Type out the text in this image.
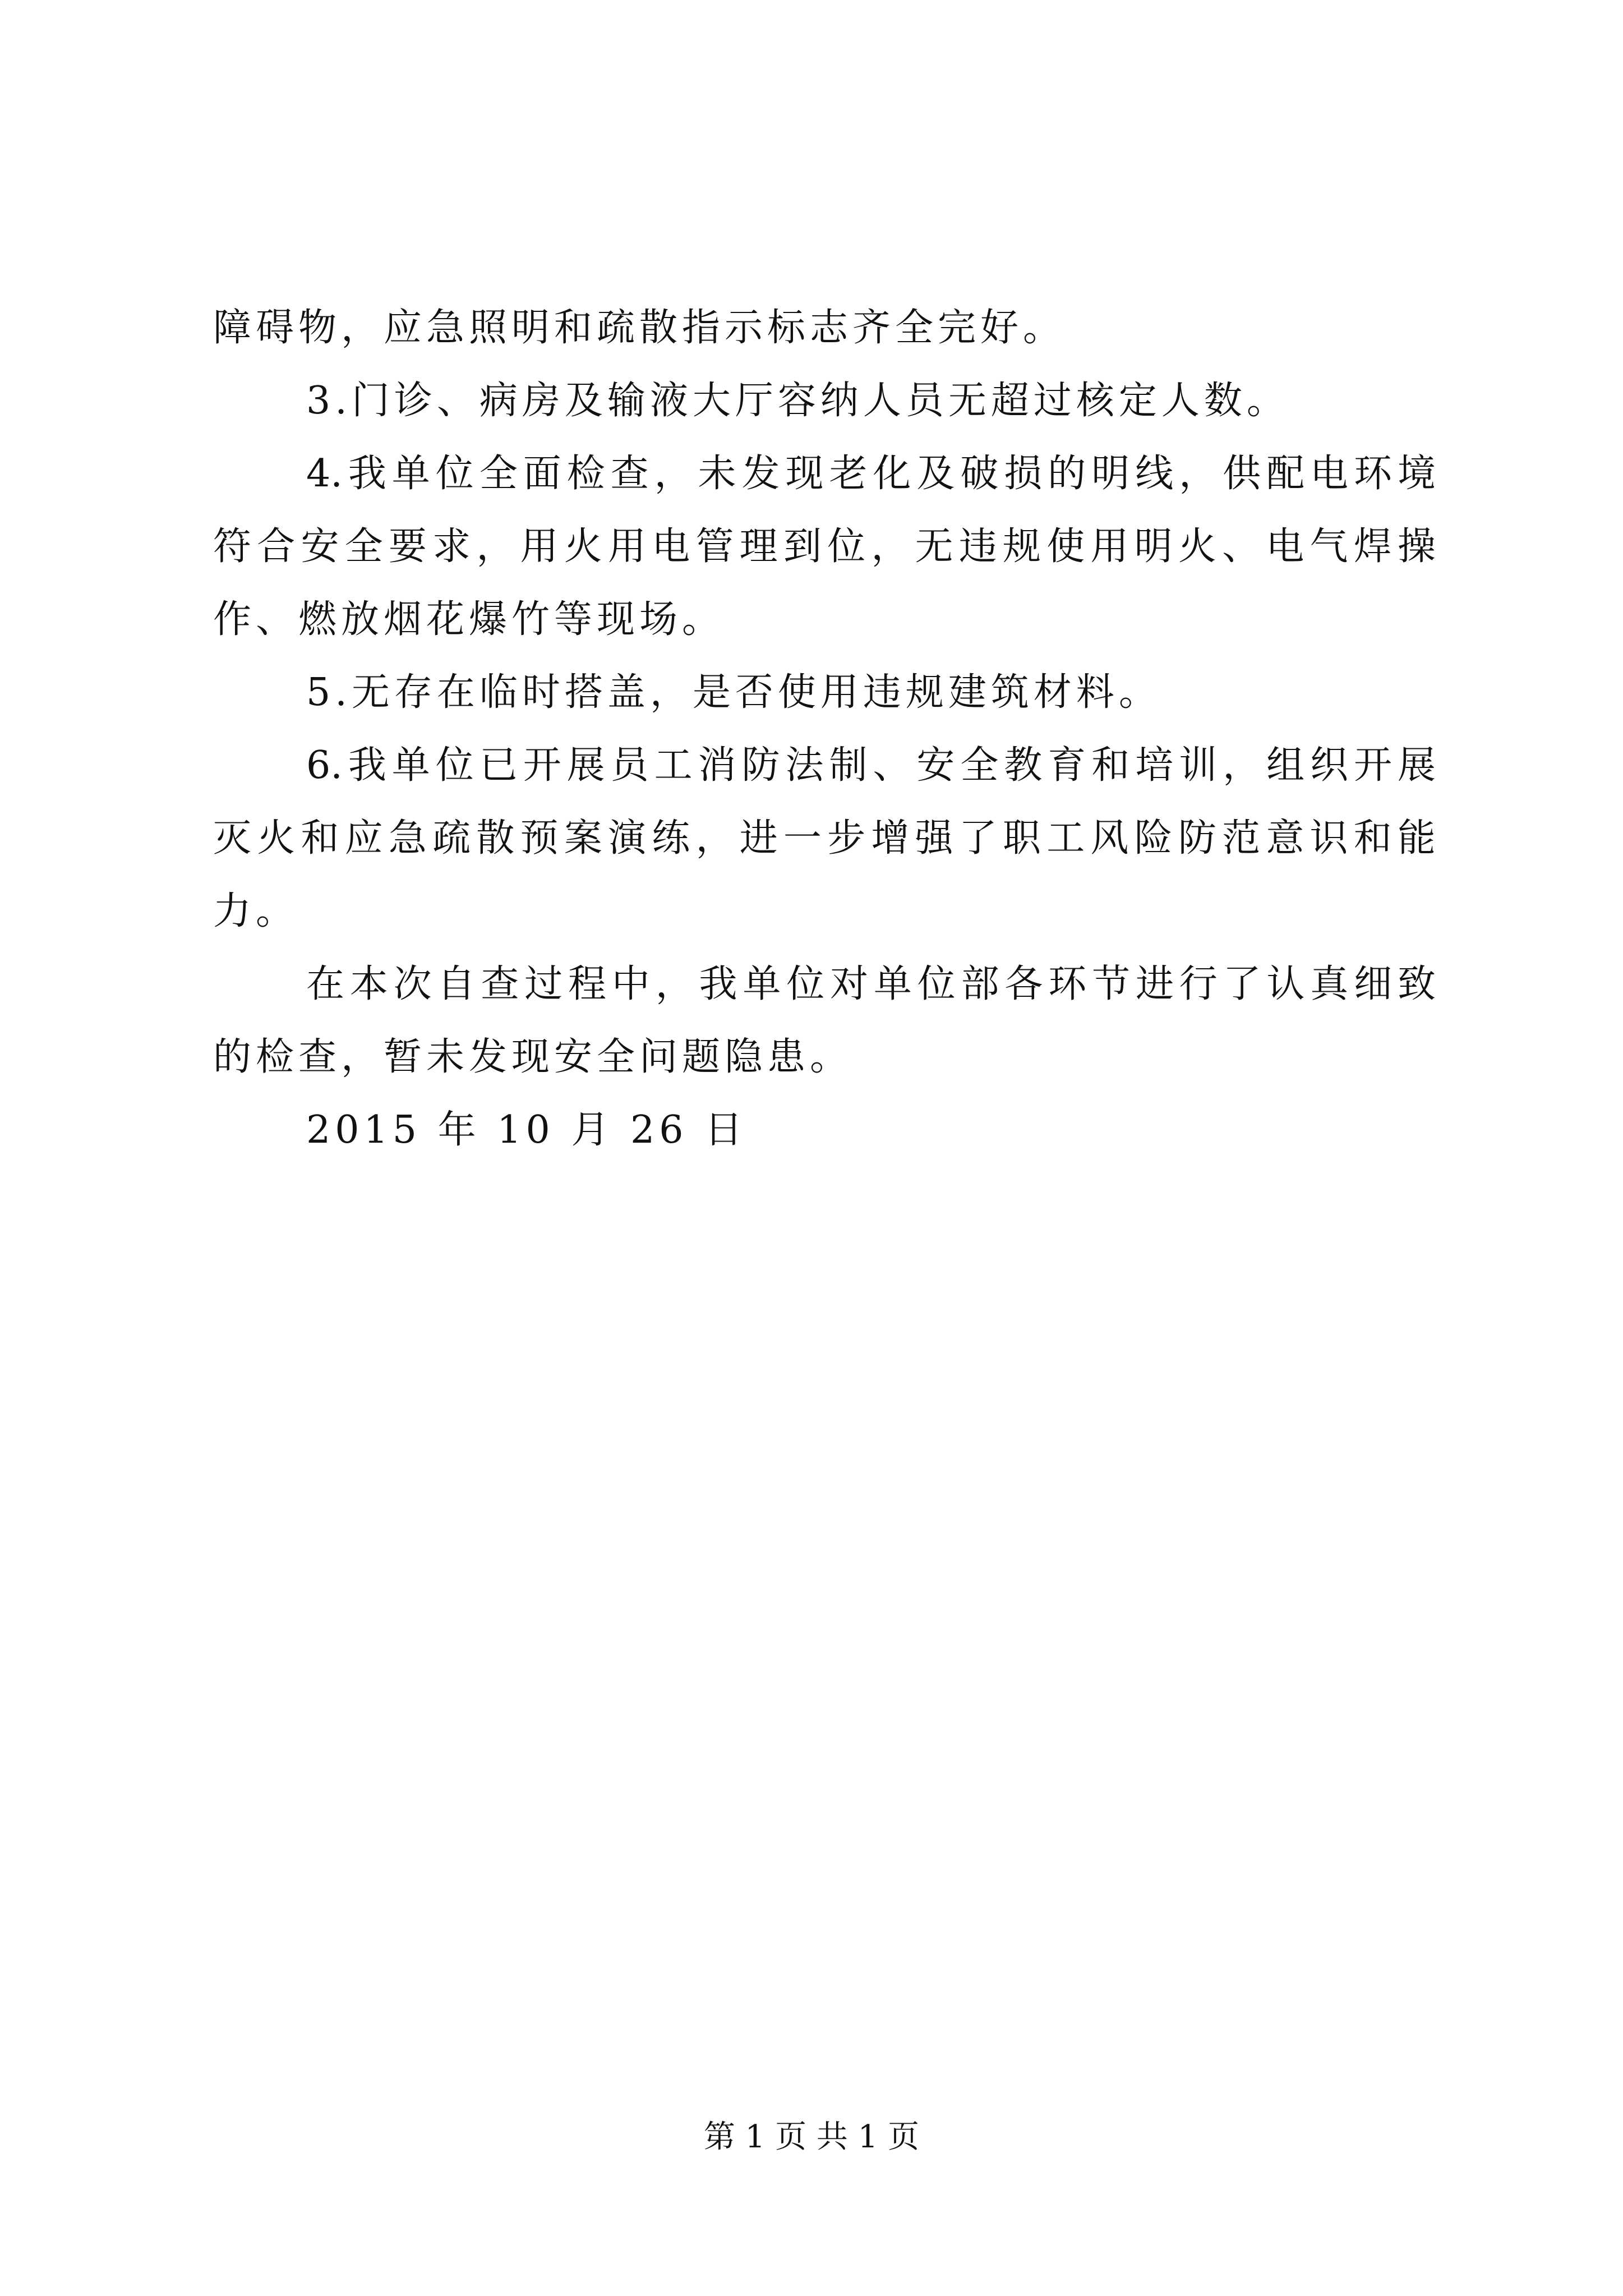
障碍物，应急照明和疏散指示标志齐全完好。
3.门诊、病房及输液大厅容纳人员无超过核定人数。
4.我单位全面检查，未发现老化及破损的明线，供配电环境
符合安全要求，用火用电管理到位，无违规使用明火、电气焊操
作、燃放烟花爆竹等现场。
5.无存在临时搭盖，是否使用违规建筑材料。
6.我单位已开展员工消防法制、安全教育和培训，组织开展
灭火和应急疏散预案演练，进一步增强了职工风险防范意识和能
力。
在本次自查过程中，我单位对单位部各环节进行了认真细致
的检查，暂未发现安全问题隐患。
2015 年 10 月 26 日
第 1 页 共 1 页
